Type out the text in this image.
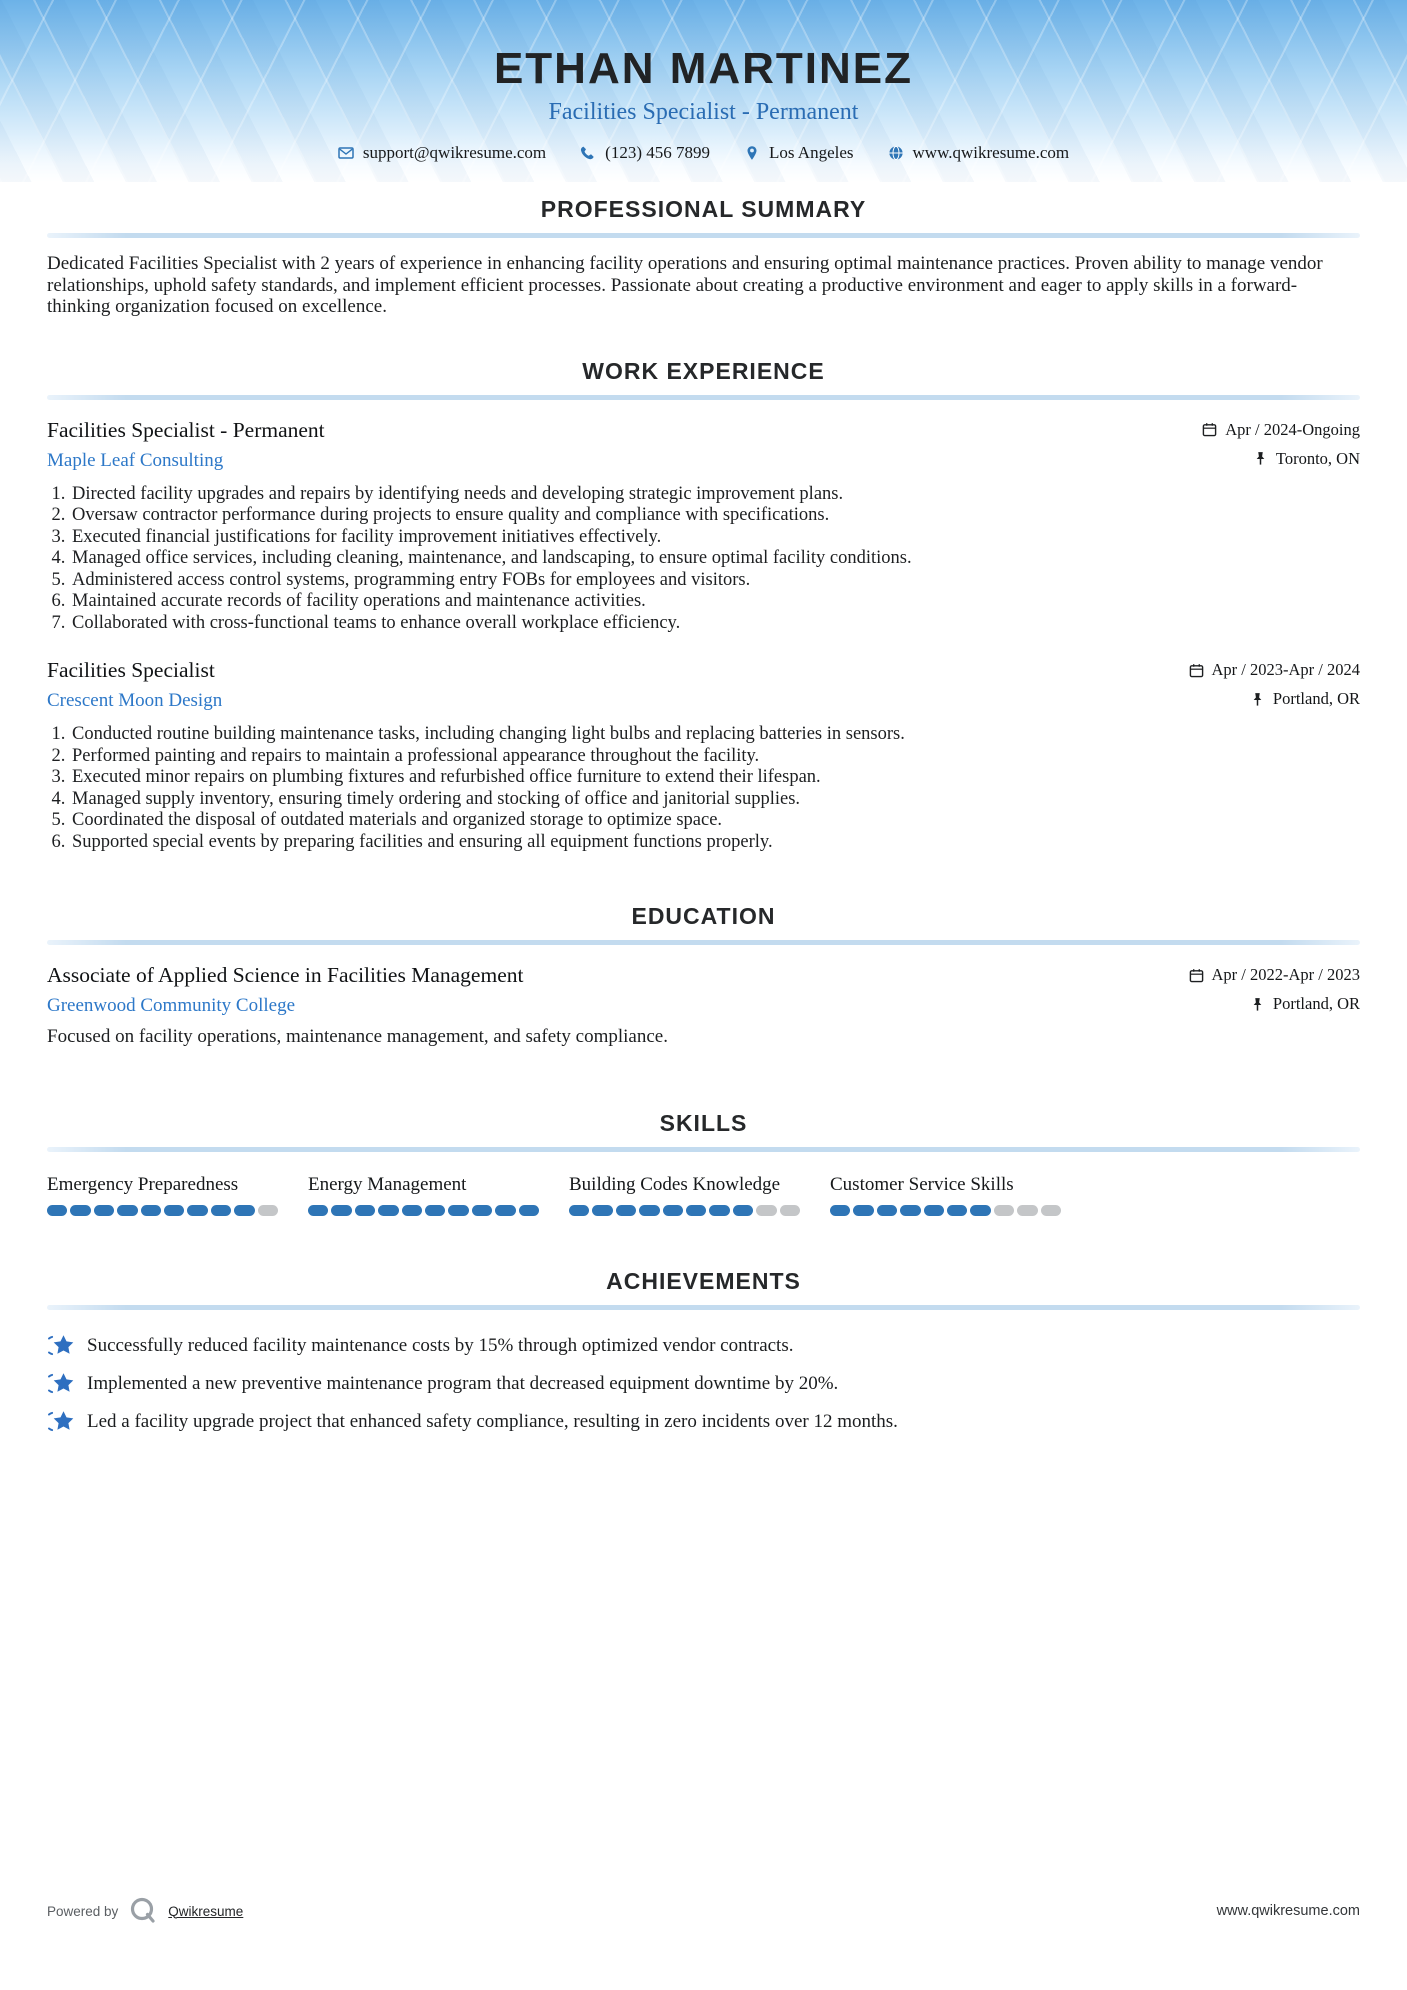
ETHAN MARTINEZ
Facilities Specialist - Permanent
support@qwikresume.com	(123) 456 7899	Los Angeles	www.qwikresume.com
PROFESSIONAL SUMMARY

Dedicated Facilities Specialist with 2 years of experience in enhancing facility operations and ensuring optimal maintenance practices. Proven ability to manage vendor relationships, uphold safety standards, and implement efficient processes. Passionate about creating a productive environment and eager to apply skills in a forward-thinking organization focused on excellence.

WORK EXPERIENCE
Facilities Specialist - Permanent
Maple Leaf Consulting
Apr / 2024-Ongoing
Toronto, ON
1. Directed facility upgrades and repairs by identifying needs and developing strategic improvement plans.
2. Oversaw contractor performance during projects to ensure quality and compliance with specifications.
3. Executed financial justifications for facility improvement initiatives effectively.
4. Managed office services, including cleaning, maintenance, and landscaping, to ensure optimal facility conditions.
5. Administered access control systems, programming entry FOBs for employees and visitors.
6. Maintained accurate records of facility operations and maintenance activities.
7. Collaborated with cross-functional teams to enhance overall workplace efficiency.
Facilities Specialist
Crescent Moon Design
Apr / 2023-Apr / 2024
Portland, OR
1. Conducted routine building maintenance tasks, including changing light bulbs and replacing batteries in sensors.
2. Performed painting and repairs to maintain a professional appearance throughout the facility.
3. Executed minor repairs on plumbing fixtures and refurbished office furniture to extend their lifespan.
4. Managed supply inventory, ensuring timely ordering and stocking of office and janitorial supplies.
5. Coordinated the disposal of outdated materials and organized storage to optimize space.
6. Supported special events by preparing facilities and ensuring all equipment functions properly.
EDUCATION
Associate of Applied Science in Facilities Management
Greenwood Community College
Apr / 2022-Apr / 2023
Portland, OR
Focused on facility operations, maintenance management, and safety compliance.
SKILLS
Emergency Preparedness	Energy Management	Building Codes Knowledge	Customer Service Skills
ACHIEVEMENTS
Successfully reduced facility maintenance costs by 15% through optimized vendor contracts.
Implemented a new preventive maintenance program that decreased equipment downtime by 20%.
Led a facility upgrade project that enhanced safety compliance, resulting in zero incidents over 12 months.
Powered by	Qwikresume	www.qwikresume.com
